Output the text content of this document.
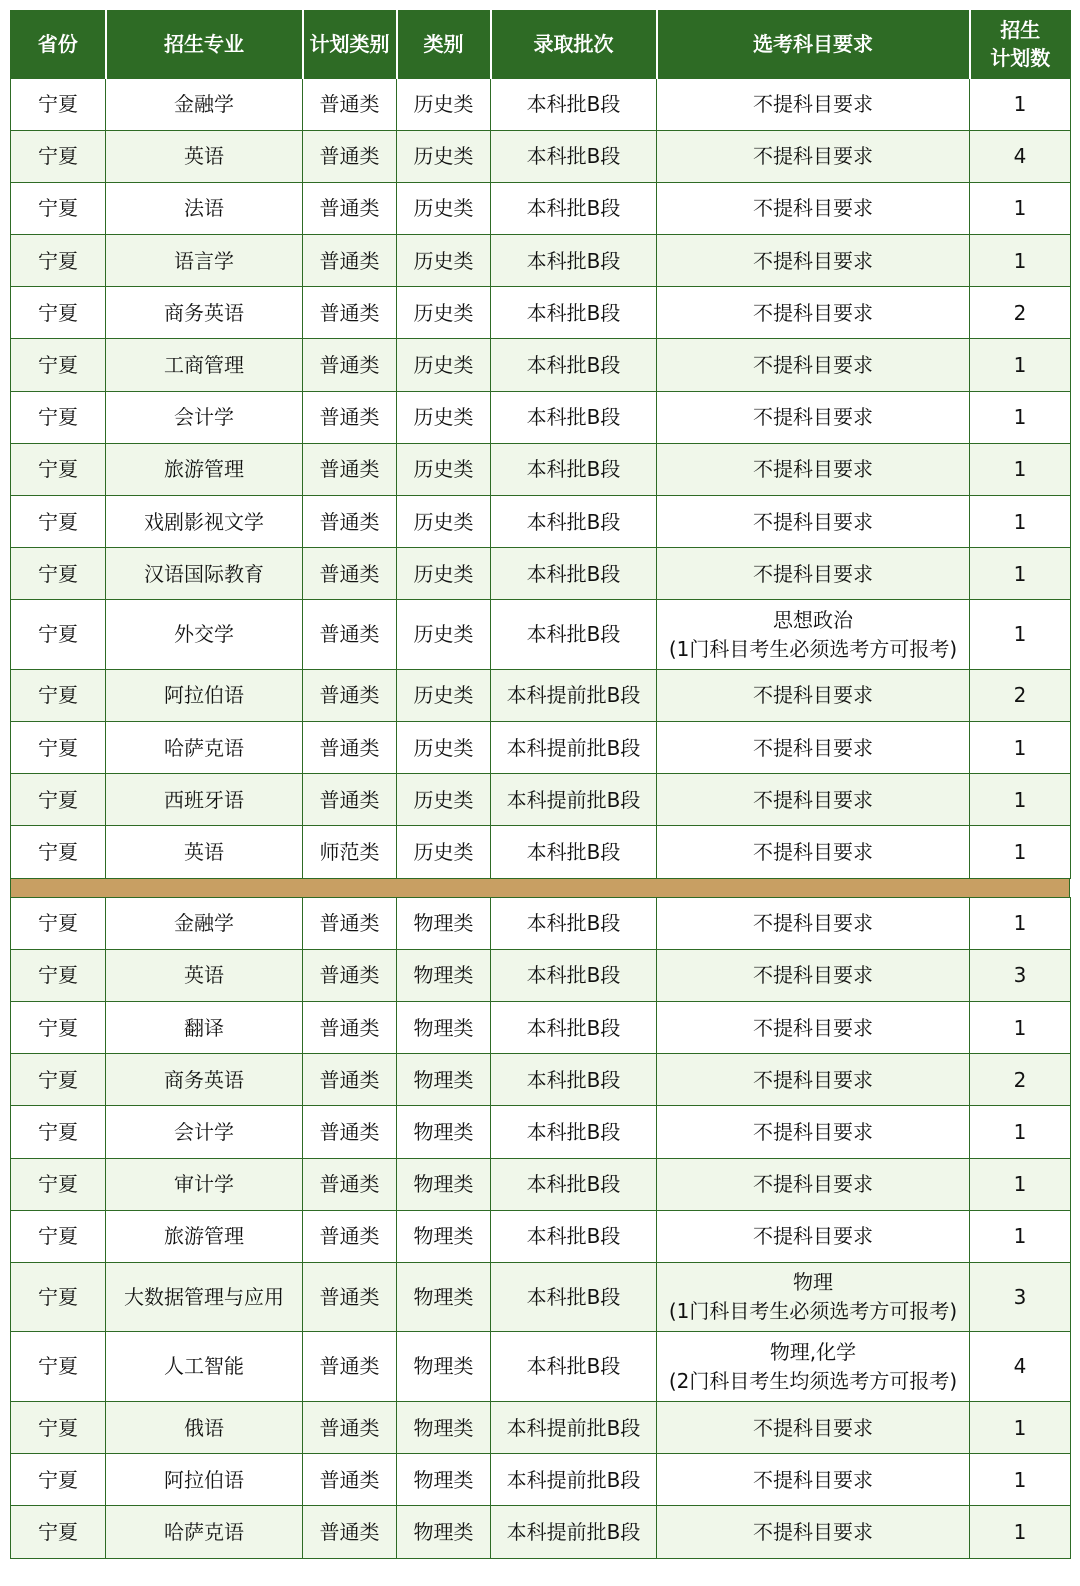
省份	招生专业	计划类别	类别	录取批次	选考科目要求	招生
计划数

宁夏	金融学	普通类	历史类	本科批B段	不提科目要求	1
宁夏	英语	普通类	历史类	本科批B段	不提科目要求	4
宁夏	法语	普通类	历史类	本科批B段	不提科目要求	1
宁夏	语言学	普通类	历史类	本科批B段	不提科目要求	1
宁夏	商务英语	普通类	历史类	本科批B段	不提科目要求	2
宁夏	工商管理	普通类	历史类	本科批B段	不提科目要求	1
宁夏	会计学	普通类	历史类	本科批B段	不提科目要求	1
宁夏	旅游管理	普通类	历史类	本科批B段	不提科目要求	1
宁夏	戏剧影视文学	普通类	历史类	本科批B段	不提科目要求	1
宁夏	汉语国际教育	普通类	历史类	本科批B段	不提科目要求	1
宁夏	外交学	普通类	历史类	本科批B段	思想政治
(1门科目考生必须选考方可报考)	1
宁夏	阿拉伯语	普通类	历史类	本科提前批B段	不提科目要求	2
宁夏	哈萨克语	普通类	历史类	本科提前批B段	不提科目要求	1
宁夏	西班牙语	普通类	历史类	本科提前批B段	不提科目要求	1
宁夏	英语	师范类	历史类	本科批B段	不提科目要求	1
宁夏	金融学	普通类	物理类	本科批B段	不提科目要求	1
宁夏	英语	普通类	物理类	本科批B段	不提科目要求	3
宁夏	翻译	普通类	物理类	本科批B段	不提科目要求	1
宁夏	商务英语	普通类	物理类	本科批B段	不提科目要求	2
宁夏	会计学	普通类	物理类	本科批B段	不提科目要求	1
宁夏	审计学	普通类	物理类	本科批B段	不提科目要求	1
宁夏	旅游管理	普通类	物理类	本科批B段	不提科目要求	1
宁夏	大数据管理与应用	普通类	物理类	本科批B段	物理
(1门科目考生必须选考方可报考)	3
宁夏	人工智能	普通类	物理类	本科批B段	物理,化学
(2门科目考生均须选考方可报考)	4
宁夏	俄语	普通类	物理类	本科提前批B段	不提科目要求	1
宁夏	阿拉伯语	普通类	物理类	本科提前批B段	不提科目要求	1
宁夏	哈萨克语	普通类	物理类	本科提前批B段	不提科目要求	1
